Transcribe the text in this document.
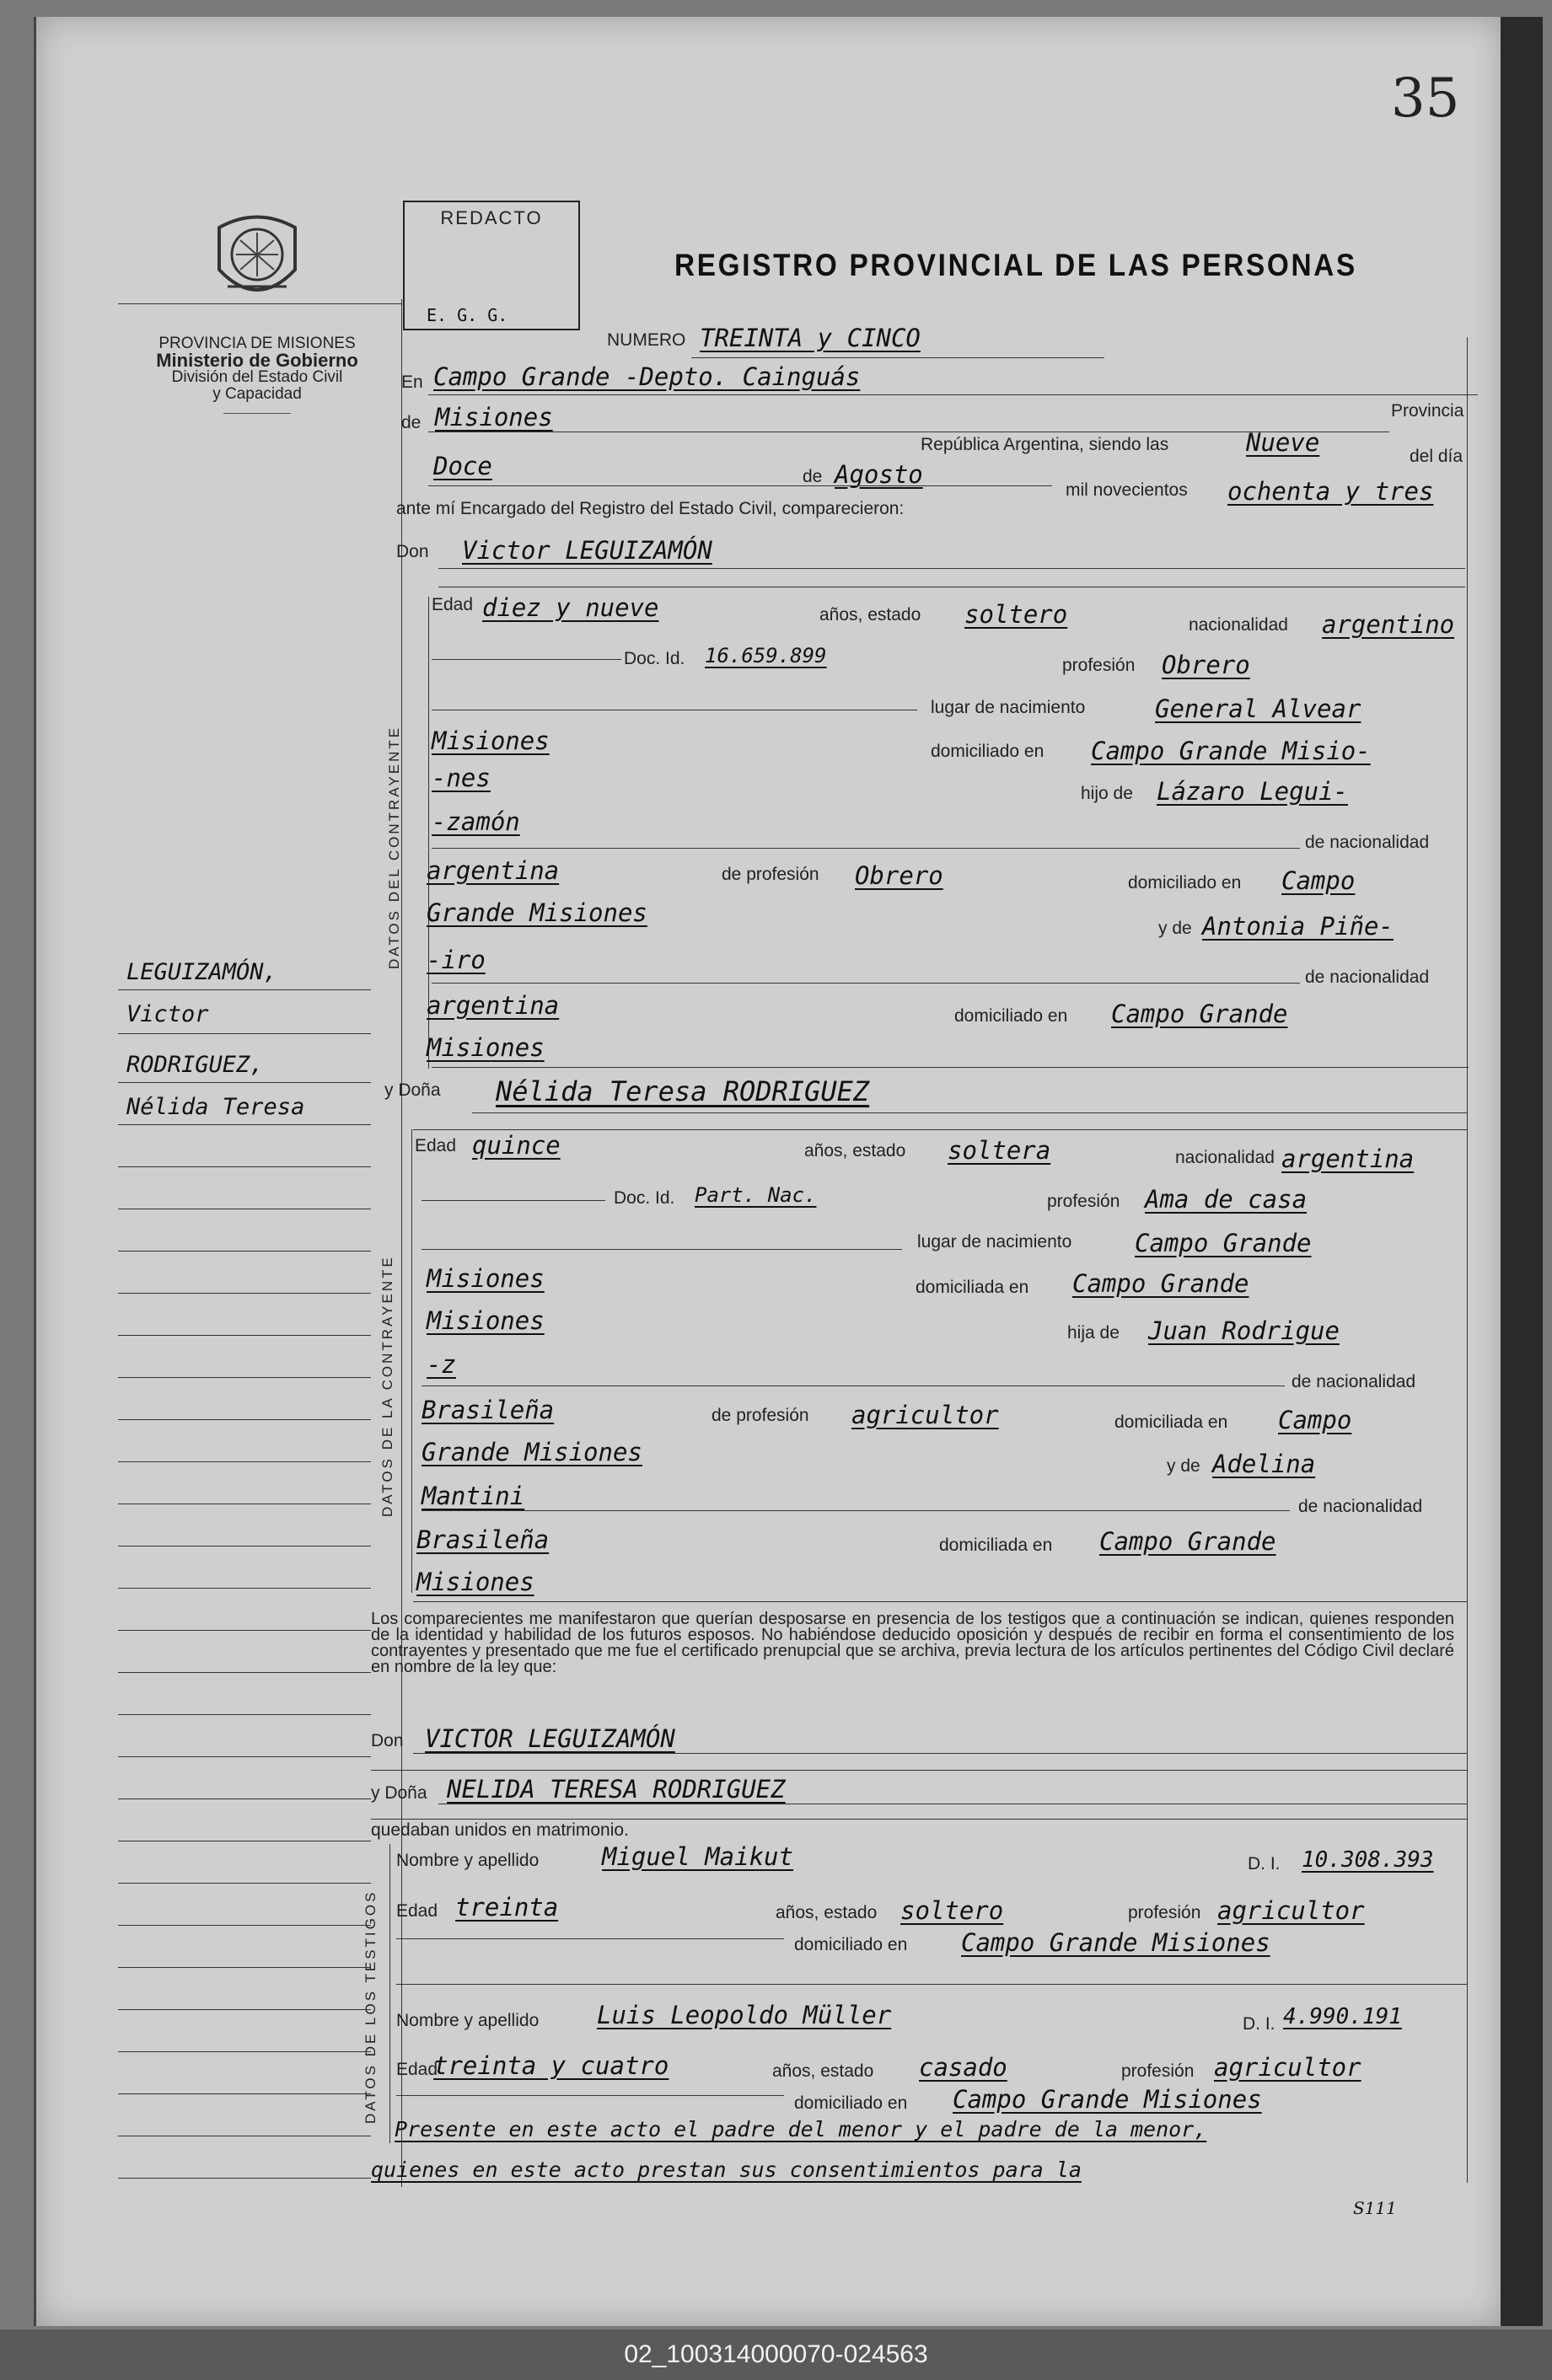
35
PROVINCIA DE MISIONES
Ministerio de Gobierno
División del Estado Civil
y Capacidad
REDACTO
E. G. G.
REGISTRO PROVINCIAL DE LAS PERSONAS
NUMERO TREINTA y CINCO
En Campo Grande -Depto. Cainguás
de Misiones	Provincia
República Argentina, siendo las	Nueve	del día
Doce	de Agosto
mil novecientos ochenta y tres
ante mí Encargado del Registro del Estado Civil, comparecieron:
Don Victor LEGUIZAMÓN
DATOS DEL CONTRAYENTE
Edad diez y nueve	años, estado soltero	nacionalidad argentino
Doc. Id. 16.659.899	profesión Obrero
lugar de nacimiento	General Alvear
Misiones	domiciliado en Campo Grande Misio-
-nes
hijo de Lázaro Legui-
-zamón
de nacionalidad
argentina	de profesión Obrero	domiciliado en Campo
Grande Misiones
y de Antonia Piñe-
-iro
de nacionalidad
argentina	domiciliado en Campo Grande
Misiones
y Doña Nélida Teresa RODRIGUEZ
DATOS DE LA CONTRAYENTE
Edad quince	años, estado soltera	nacionalidad argentina
Doc. Id. Part. Nac.	profesión Ama de casa
lugar de nacimiento	Campo Grande
Misiones	domiciliada en Campo Grande
Misiones	hija de Juan Rodrigue
-z
de nacionalidad
Brasileña	de profesión agricultor	domiciliada en Campo
Grande Misiones	y de Adelina
Mantini	de nacionalidad
Brasileña	domiciliada en Campo Grande
Misiones
Los comparecientes me manifestaron que querían desposarse en presencia de los testigos que a continuación se indican, quienes responden de la identidad y habilidad de los futuros esposos. No habiéndose deducido oposición y después de recibir en forma el consentimiento de los contrayentes y presentado que me fue el certificado prenupcial que se archiva, previa lectura de los artículos pertinentes del Código Civil declaré en nombre de la ley que:
Don VICTOR LEGUIZAMÓN
y Doña NELIDA TERESA RODRIGUEZ
quedaban unidos en matrimonio.
DATOS DE LOS TESTIGOS
Nombre y apellido	Miguel Maikut	D. I. 10.308.393
Edad treinta	años, estado soltero	profesión agricultor
domiciliado en Campo Grande Misiones
Nombre y apellido Luis Leopoldo Müller	D. I. 4.990.191
Edad
treinta y cuatro	años, estado casado	profesión agricultor
domiciliado en Campo Grande Misiones
Presente en este acto el padre del menor y el padre de la menor,
quienes en este acto prestan sus consentimientos para la
S111
LEGUIZAMÓN,
Victor
RODRIGUEZ,
Nélida Teresa
02_100314000070-024563
